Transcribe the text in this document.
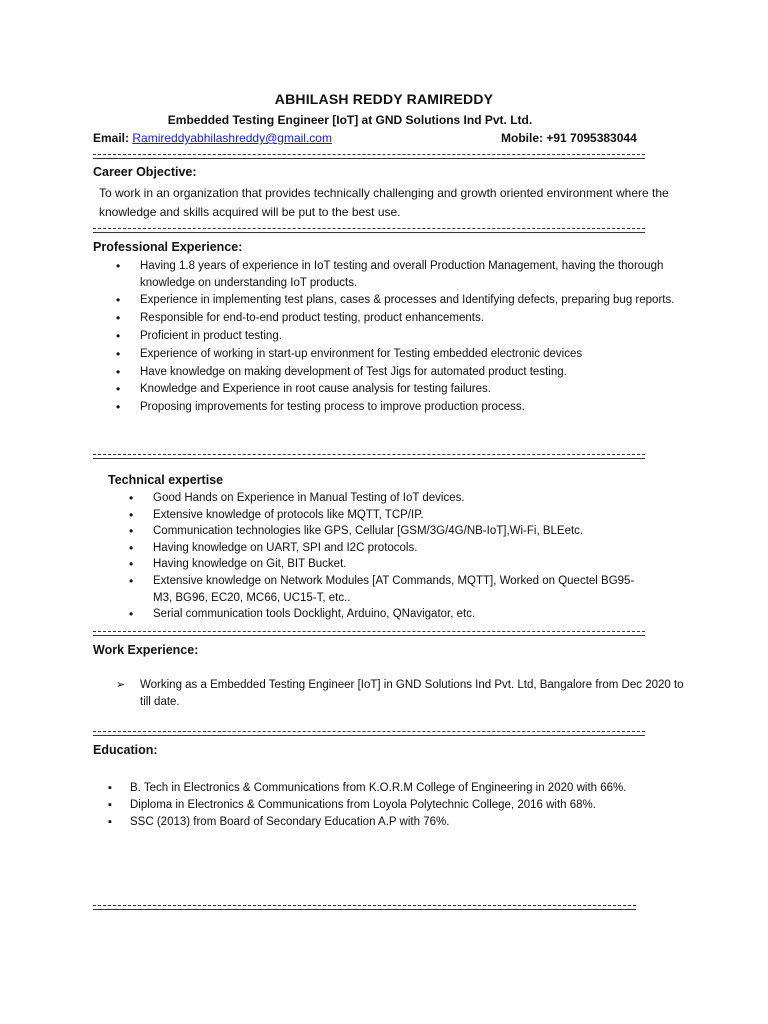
ABHILASH REDDY RAMIREDDY
Embedded Testing Engineer [IoT] at GND Solutions Ind Pvt. Ltd.
Email: Ramireddyabhilashreddy@gmail.com	Mobile: +91 7095383044
Career Objective:
To work in an organization that provides technically challenging and growth oriented environment where the knowledge and skills acquired will be put to the best use.
Professional Experience:
• Having 1.8 years of experience in IoT testing and overall Production Management, having the thorough knowledge on understanding IoT products.
• Experience in implementing test plans, cases & processes and Identifying defects, preparing bug reports.
• Responsible for end-to-end product testing, product enhancements.
• Proficient in product testing.
• Experience of working in start-up environment for Testing embedded electronic devices
• Have knowledge on making development of Test Jigs for automated product testing.
• Knowledge and Experience in root cause analysis for testing failures.
• Proposing improvements for testing process to improve production process.
Technical expertise
• Good Hands on Experience in Manual Testing of IoT devices.
• Extensive knowledge of protocols like MQTT, TCP/IP.
• Communication technologies like GPS, Cellular [GSM/3G/4G/NB-IoT],Wi-Fi, BLEetc.
• Having knowledge on UART, SPI and I2C protocols.
• Having knowledge on Git, BIT Bucket.
• Extensive knowledge on Network Modules [AT Commands, MQTT], Worked on Quectel BG95-M3, BG96, EC20, MC66, UC15-T, etc..
• Serial communication tools Docklight, Arduino, QNavigator, etc.
Work Experience:
➢ Working as a Embedded Testing Engineer [IoT] in GND Solutions Ind Pvt. Ltd, Bangalore from Dec 2020 to till date.
Education:
▪ B. Tech in Electronics & Communications from K.O.R.M College of Engineering in 2020 with 66%.
▪ Diploma in Electronics & Communications from Loyola Polytechnic College, 2016 with 68%.
▪ SSC (2013) from Board of Secondary Education A.P with 76%.
